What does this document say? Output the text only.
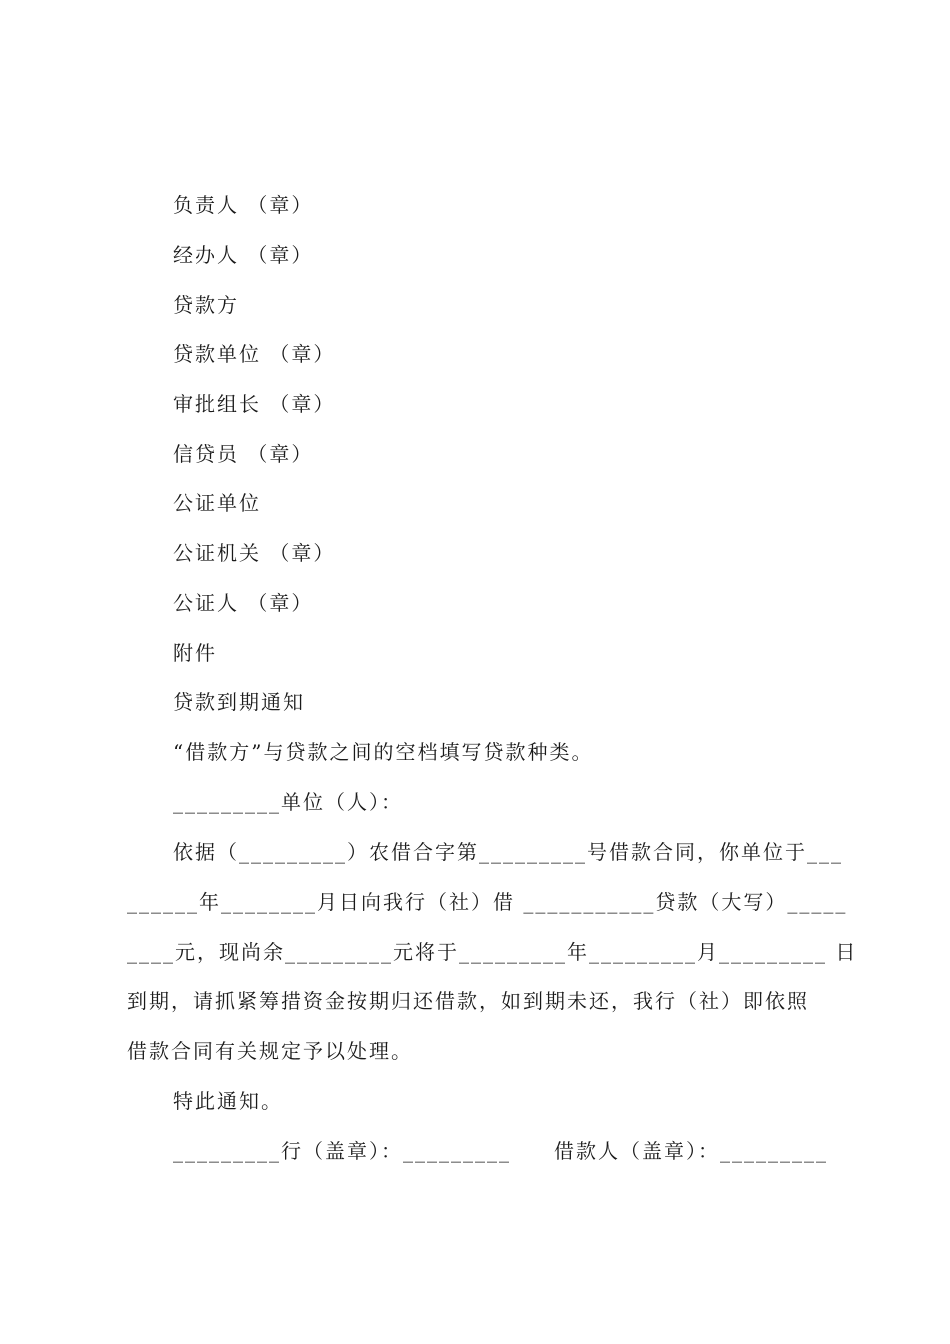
负责人 （章）
经办人 （章）
贷款方
贷款单位 （章）
审批组长 （章）
信贷员 （章）
公证单位
公证机关 （章）
公证人 （章）
附件
贷款到期通知
“借款方”与贷款之间的空档填写贷款种类。
_________单位（人）：
依据（_________）农借合字第_________号借款合同，你单位于___
______年________月日向我行（社）借 ___________贷款（大写）_____
____元，现尚余_________元将于_________年_________月_________ 日
到期，请抓紧筹措资金按期归还借款，如到期未还，我行（社）即依照
借款合同有关规定予以处理。
特此通知。
_________行（盖章）：_________ 借款人（盖章）：_________
